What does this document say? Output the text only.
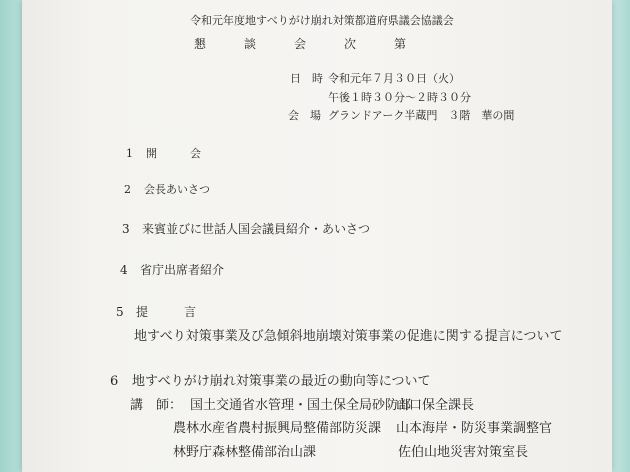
令和元年度地すべりがけ崩れ対策都道府県議会協議会
懇談会次第
日　時 令和元年７月３０日（火）
午後１時３０分～２時３０分
会　場 グランドアーク半蔵門　３階　華の間
1 開　　　会
2 会長あいさつ
3 来賓並びに世話人国会議員紹介・あいさつ
4 省庁出席者紹介
5 提　　　言
地すべり対策事業及び急傾斜地崩壊対策事業の促進に関する提言について
6 地すべりがけ崩れ対策事業の最近の動向等について
講　師： 国土交通省水管理・国土保全局砂防部
山口保全課長
農林水産省農村振興局整備部防災課 山本海岸・防災事業調整官
林野庁森林整備部治山課	佐伯山地災害対策室長
